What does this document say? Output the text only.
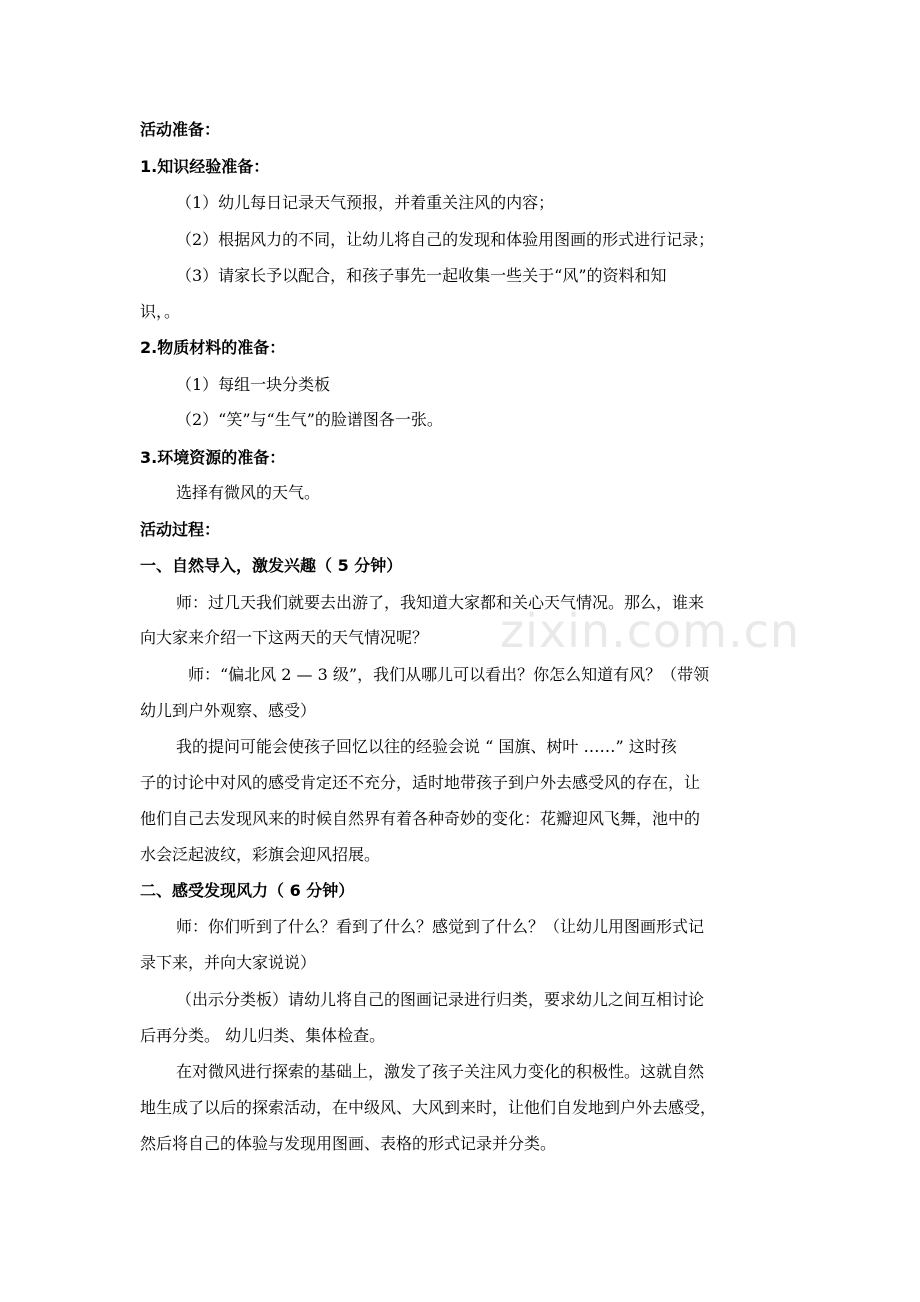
zixin.com.cn
活动准备：
1.知识经验准备：
（1）幼儿每日记录天气预报，并着重关注风的内容；
（2）根据风力的不同，让幼儿将自己的发现和体验用图画的形式进行记录；
（3）请家长予以配合，和孩子事先一起收集一些关于“风”的资料和知
识，。
2.物质材料的准备：
（1）每组一块分类板
（2）“笑”与“生气”的脸谱图各一张。
3.环境资源的准备：
选择有微风的天气。
活动过程：
一、自然导入，激发兴趣（ 5 分钟）
师：过几天我们就要去出游了，我知道大家都和关心天气情况。那么，谁来
向大家来介绍一下这两天的天气情况呢？
师：“偏北风 2 — 3 级”，我们从哪儿可以看出？你怎么知道有风？（带领
幼儿到户外观察、感受）
我的提问可能会使孩子回忆以往的经验会说 “ 国旗、树叶 ……” 这时孩
子的讨论中对风的感受肯定还不充分，适时地带孩子到户外去感受风的存在，让
他们自己去发现风来的时候自然界有着各种奇妙的变化：花瓣迎风飞舞，池中的
水会泛起波纹，彩旗会迎风招展。
二、感受发现风力（ 6 分钟）
师：你们听到了什么？看到了什么？感觉到了什么？（让幼儿用图画形式记
录下来，并向大家说说）
（出示分类板）请幼儿将自己的图画记录进行归类，要求幼儿之间互相讨论
后再分类。 幼儿归类、集体检查。
在对微风进行探索的基础上，激发了孩子关注风力变化的积极性。这就自然
地生成了以后的探索活动，在中级风、大风到来时，让他们自发地到户外去感受，
然后将自己的体验与发现用图画、表格的形式记录并分类。
